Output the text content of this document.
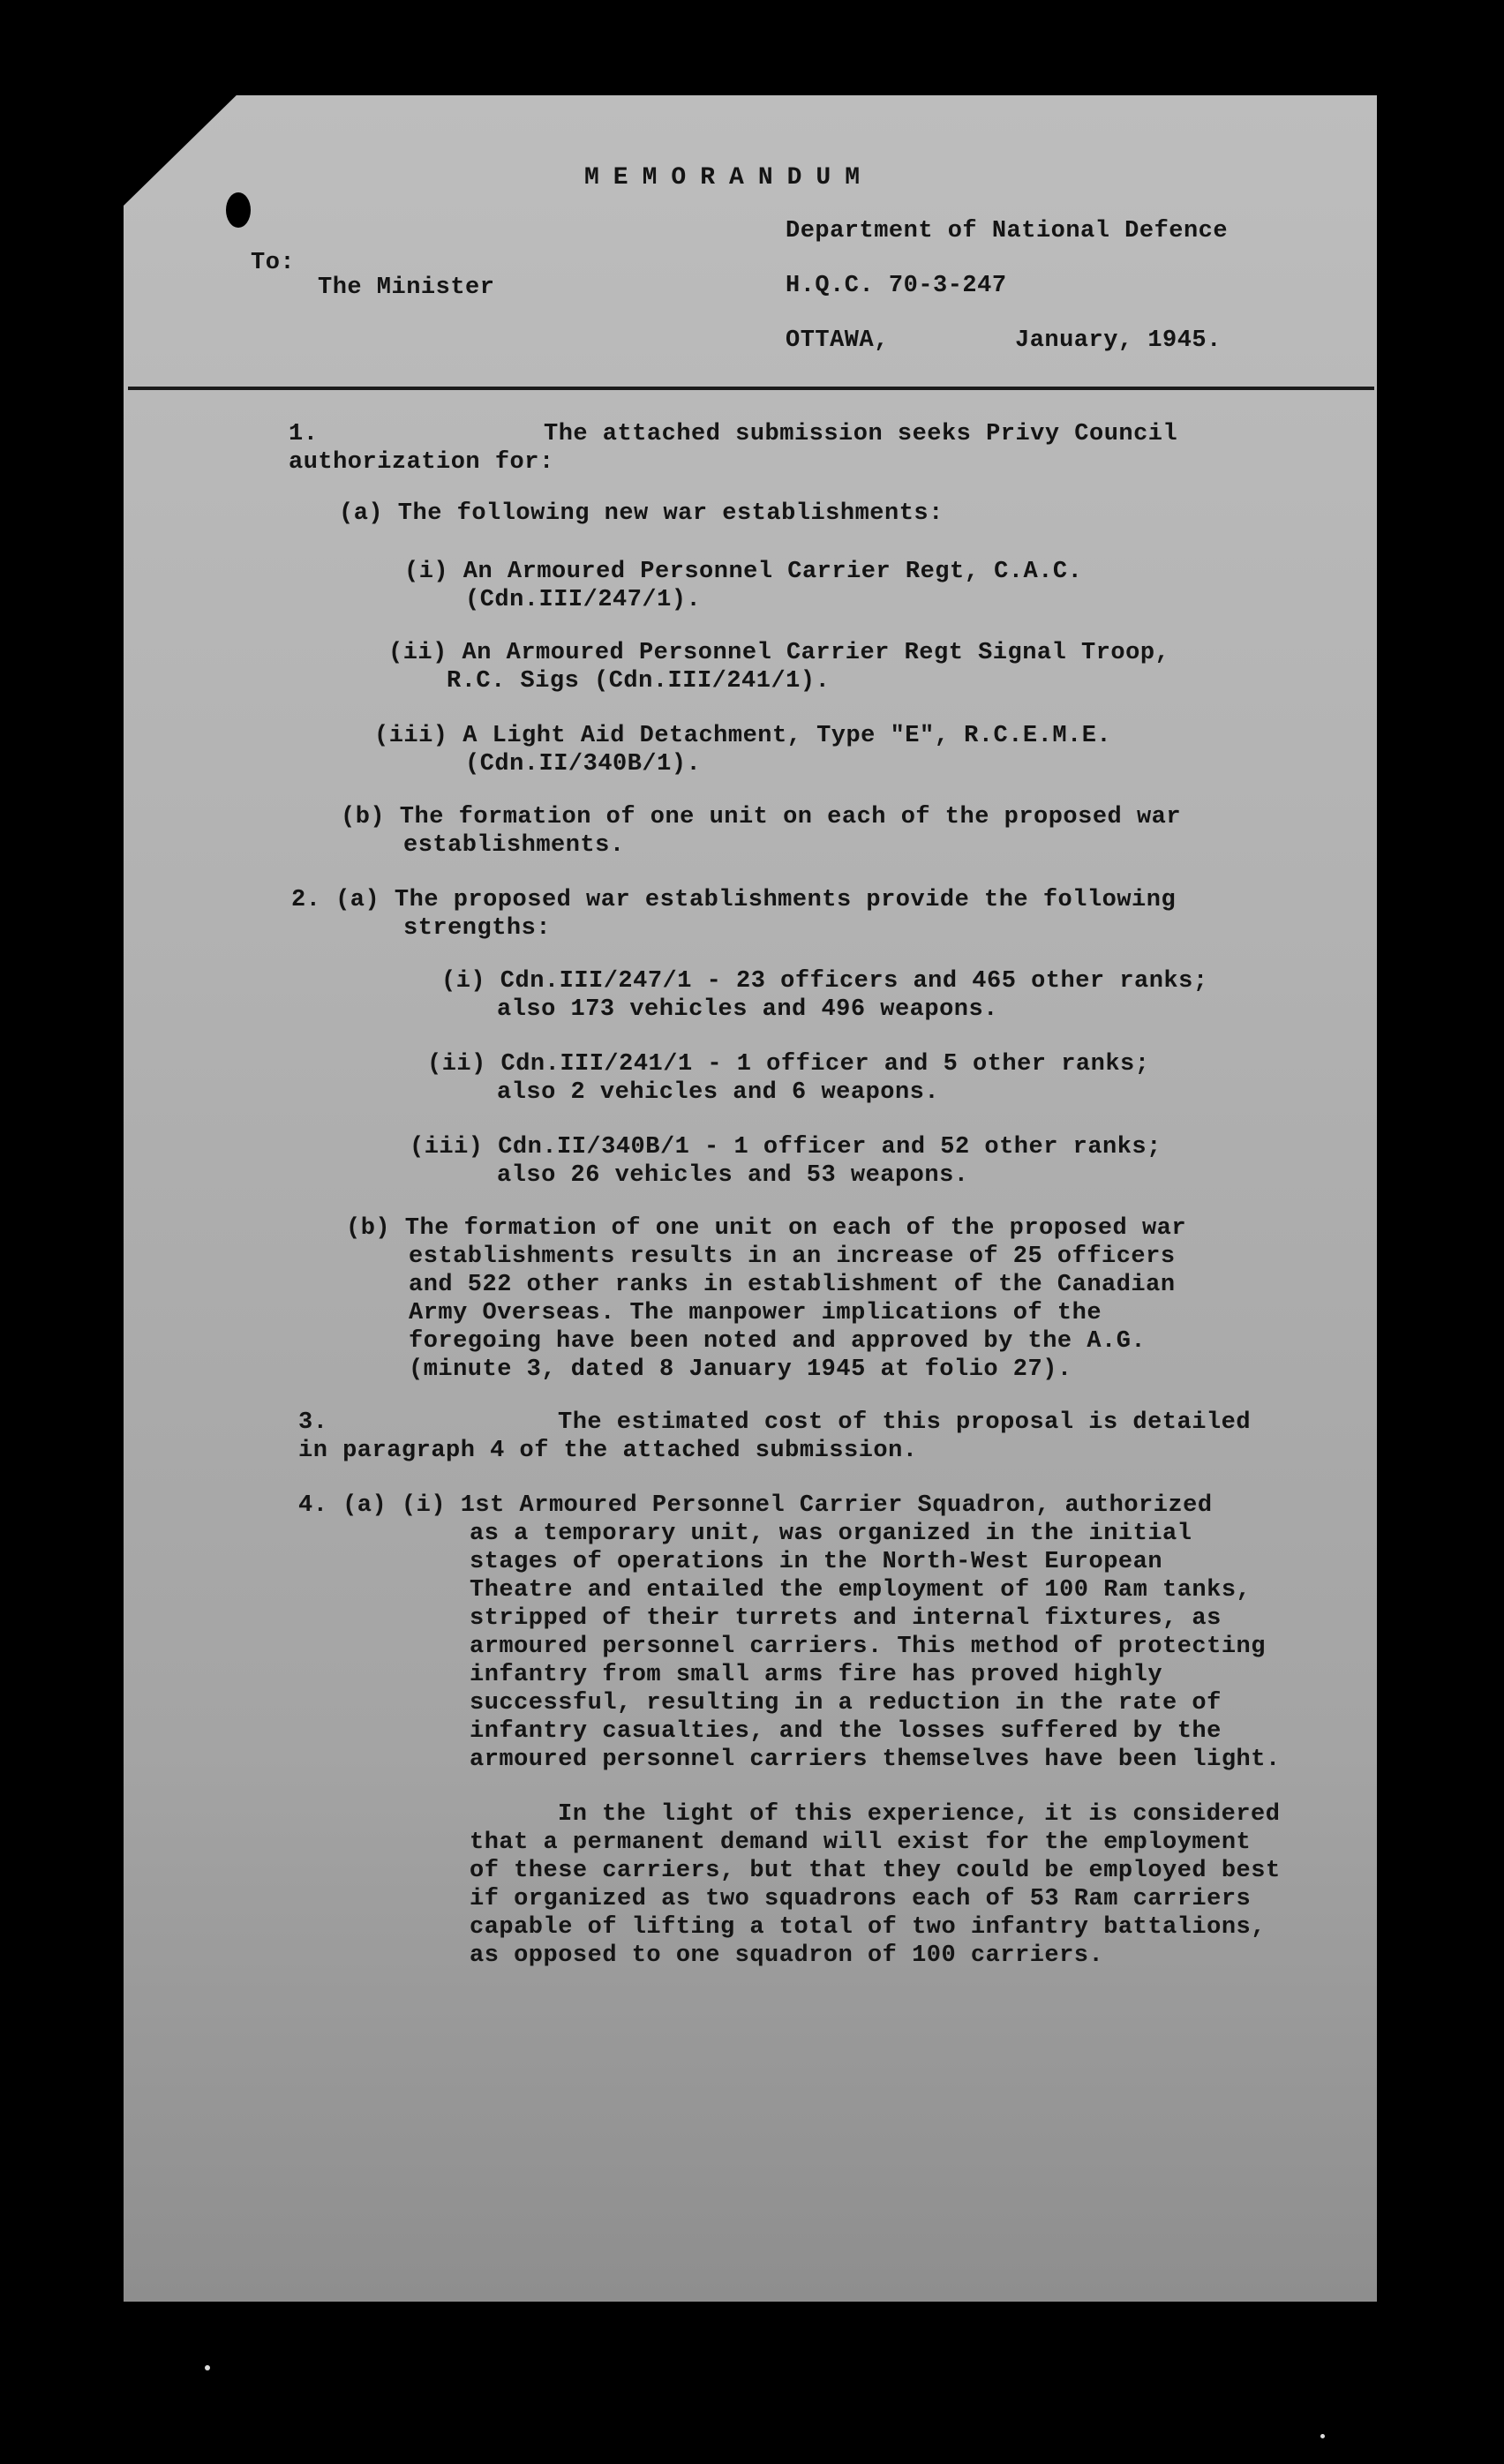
MEMORANDUM
To:
The Minister
Department of National Defence
H.Q.C. 70-3-247
OTTAWA,	January, 1945.
1.	The attached submission seeks Privy Council
authorization for:
(a) The following new war establishments:
(i) An Armoured Personnel Carrier Regt, C.A.C.
(Cdn.III/247/1).
(ii) An Armoured Personnel Carrier Regt Signal Troop,
R.C. Sigs (Cdn.III/241/1).
(iii) A Light Aid Detachment, Type "E", R.C.E.M.E.
(Cdn.II/340B/1).
(b) The formation of one unit on each of the proposed war
establishments.
2. (a) The proposed war establishments provide the following
strengths:
(i) Cdn.III/247/1 - 23 officers and 465 other ranks;
also 173 vehicles and 496 weapons.
(ii) Cdn.III/241/1 - 1 officer and 5 other ranks;
also 2 vehicles and 6 weapons.
(iii) Cdn.II/340B/1 - 1 officer and 52 other ranks;
also 26 vehicles and 53 weapons.
(b) The formation of one unit on each of the proposed war
establishments results in an increase of 25 officers
and 522 other ranks in establishment of the Canadian
Army Overseas. The manpower implications of the
foregoing have been noted and approved by the A.G.
(minute 3, dated 8 January 1945 at folio 27).
3.	The estimated cost of this proposal is detailed
in paragraph 4 of the attached submission.
4. (a) (i) 1st Armoured Personnel Carrier Squadron, authorized
as a temporary unit, was organized in the initial
stages of operations in the North-West European
Theatre and entailed the employment of 100 Ram tanks,
stripped of their turrets and internal fixtures, as
armoured personnel carriers. This method of protecting
infantry from small arms fire has proved highly
successful, resulting in a reduction in the rate of
infantry casualties, and the losses suffered by the
armoured personnel carriers themselves have been light.
In the light of this experience, it is considered
that a permanent demand will exist for the employment
of these carriers, but that they could be employed best
if organized as two squadrons each of 53 Ram carriers
capable of lifting a total of two infantry battalions,
as opposed to one squadron of 100 carriers.
